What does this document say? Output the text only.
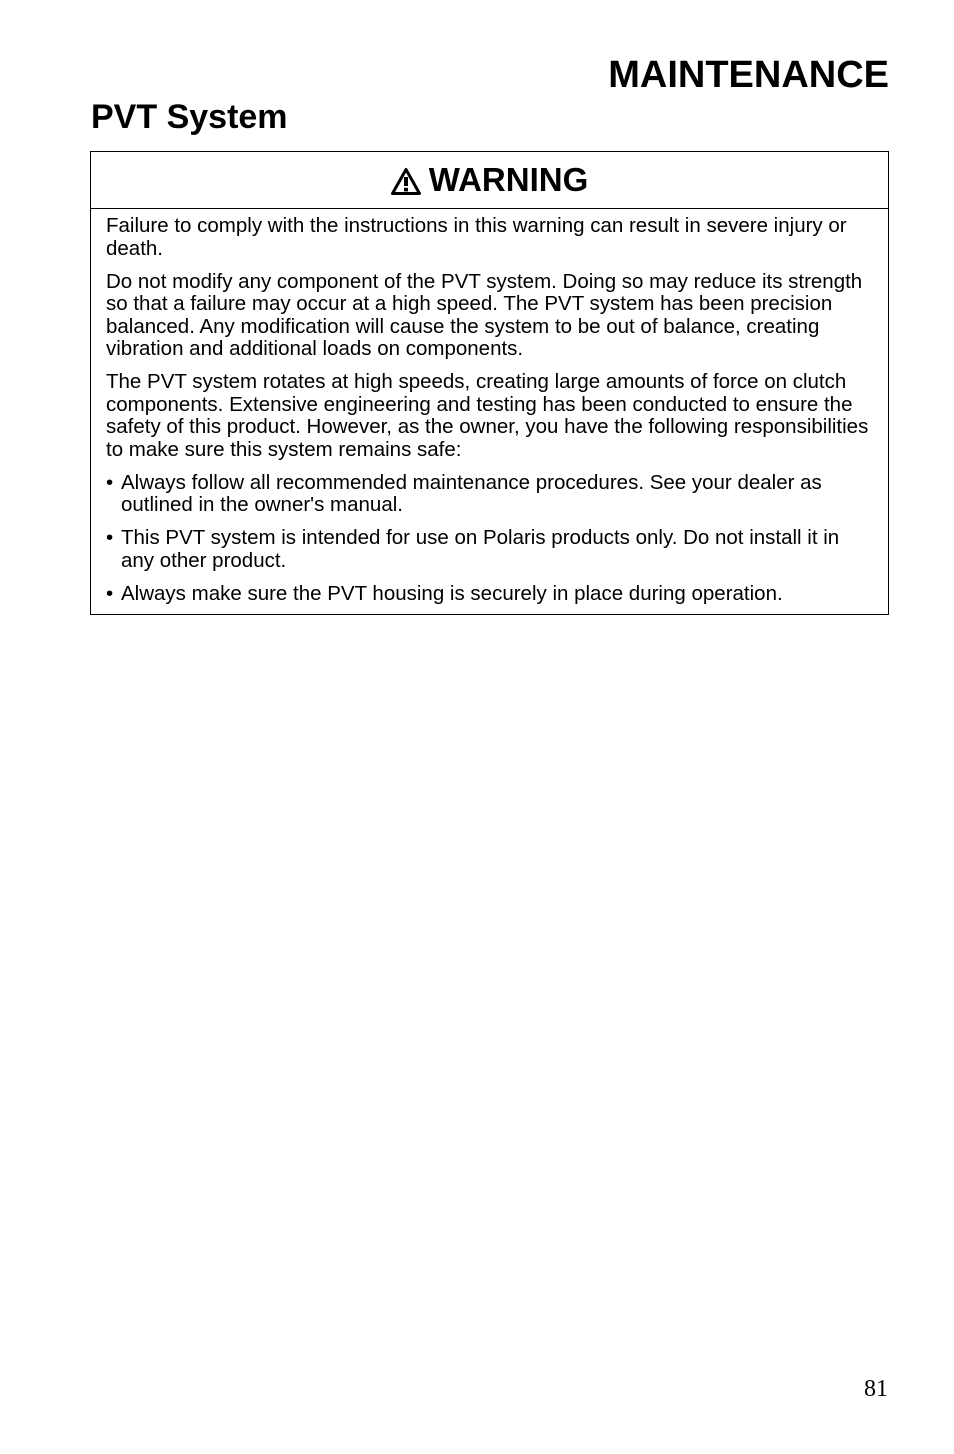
MAINTENANCE
PVT System
WARNING

Failure to comply with the instructions in this warning can result in severe injury or death.

Do not modify any component of the PVT system. Doing so may reduce its strength so that a failure may occur at a high speed. The PVT system has been precision balanced. Any modification will cause the system to be out of balance, creating vibration and additional loads on components.

The PVT system rotates at high speeds, creating large amounts of force on clutch components. Extensive engineering and testing has been conducted to ensure the safety of this product. However, as the owner, you have the following responsibilities to make sure this system remains safe:

• Always follow all recommended maintenance procedures. See your dealer as outlined in the owner's manual.
• This PVT system is intended for use on Polaris products only. Do not install it in any other product.
• Always make sure the PVT housing is securely in place during operation.
81
